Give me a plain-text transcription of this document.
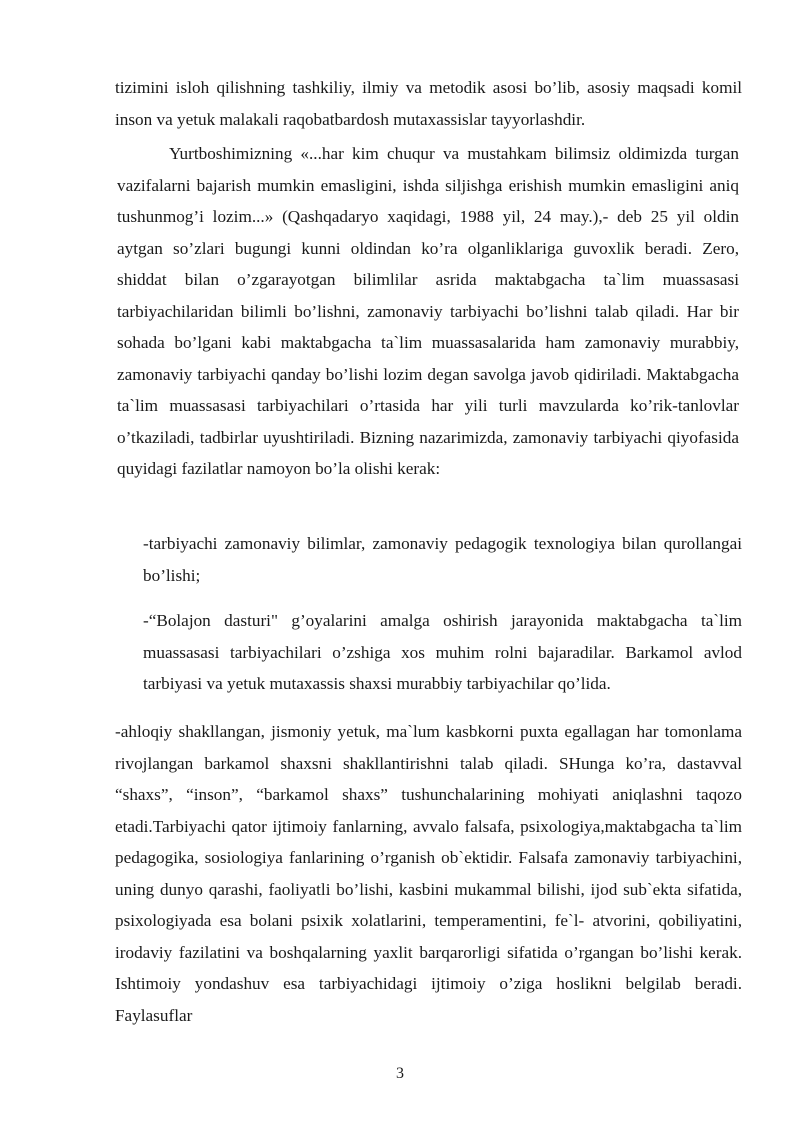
tizimini isloh qilishning tashkiliy, ilmiy va metodik asosi bo’lib, asosiy maqsadi komil inson va yetuk malakali raqobatbardosh mutaxassislar tayyorlashdir.

Yurtboshimizning «...har kim chuqur va mustahkam bilimsiz oldimizda turgan vazifalarni bajarish mumkin emasligini, ishda siljishga erishish mumkin emasligini aniq tushunmog’i lozim...» (Qashqadaryo xaqidagi, 1988 yil, 24 may.),- deb 25 yil oldin aytgan so’zlari bugungi kunni oldindan ko’ra olganliklariga guvoxlik beradi. Zero, shiddat bilan o’zgarayotgan bilimlilar asrida maktabgacha ta`lim muassasasi tarbiyachilaridan bilimli bo’lishni, zamonaviy tarbiyachi bo’lishni talab qiladi. Har bir sohada bo’lgani kabi maktabgacha ta`lim muassasalarida ham zamonaviy murabbiy, zamonaviy tarbiyachi qanday bo’lishi lozim degan savolga javob qidiriladi. Maktabgacha ta`lim muassasasi tarbiyachilari o’rtasida har yili turli mavzularda ko’rik-tanlovlar o’tkaziladi, tadbirlar uyushtiriladi. Bizning nazarimizda, zamonaviy tarbiyachi qiyofasida quyidagi fazilatlar namoyon bo’la olishi kerak:

-tarbiyachi zamonaviy bilimlar, zamonaviy pedagogik texnologiya bilan qurollangai bo’lishi;

-“Bolajon dasturi" g’oyalarini amalga oshirish jarayonida maktabgacha ta`lim muassasasi tarbiyachilari o’zshiga xos muhim rolni bajaradilar. Barkamol avlod tarbiyasi va yetuk mutaxassis shaxsi murabbiy tarbiyachilar qo’lida.

-ahloqiy shakllangan, jismoniy yetuk, ma`lum kasbkorni puxta egallagan har tomonlama rivojlangan barkamol shaxsni shakllantirishni talab qiladi. SHunga ko’ra, dastavval “shaxs”, “inson”, “barkamol shaxs” tushunchalarining mohiyati aniqlashni taqozo etadi.Tarbiyachi qator ijtimoiy fanlarning, avvalo falsafa, psixologiya,maktabgacha ta`lim pedagogika, sosiologiya fanlarining o’rganish ob`ektidir. Falsafa zamonaviy tarbiyachini, uning dunyo qarashi, faoliyatli bo’lishi, kasbini mukammal bilishi, ijod sub`ekta sifatida, psixologiyada esa bolani psixik xolatlarini, temperamentini, fe`l- atvorini, qobiliyatini, irodaviy fazilatini va boshqalarning yaxlit barqarorligi sifatida o’rgangan bo’lishi kerak. Ishtimoiy yondashuv esa tarbiyachidagi ijtimoiy o’ziga hoslikni belgilab beradi. Faylasuflar

3
